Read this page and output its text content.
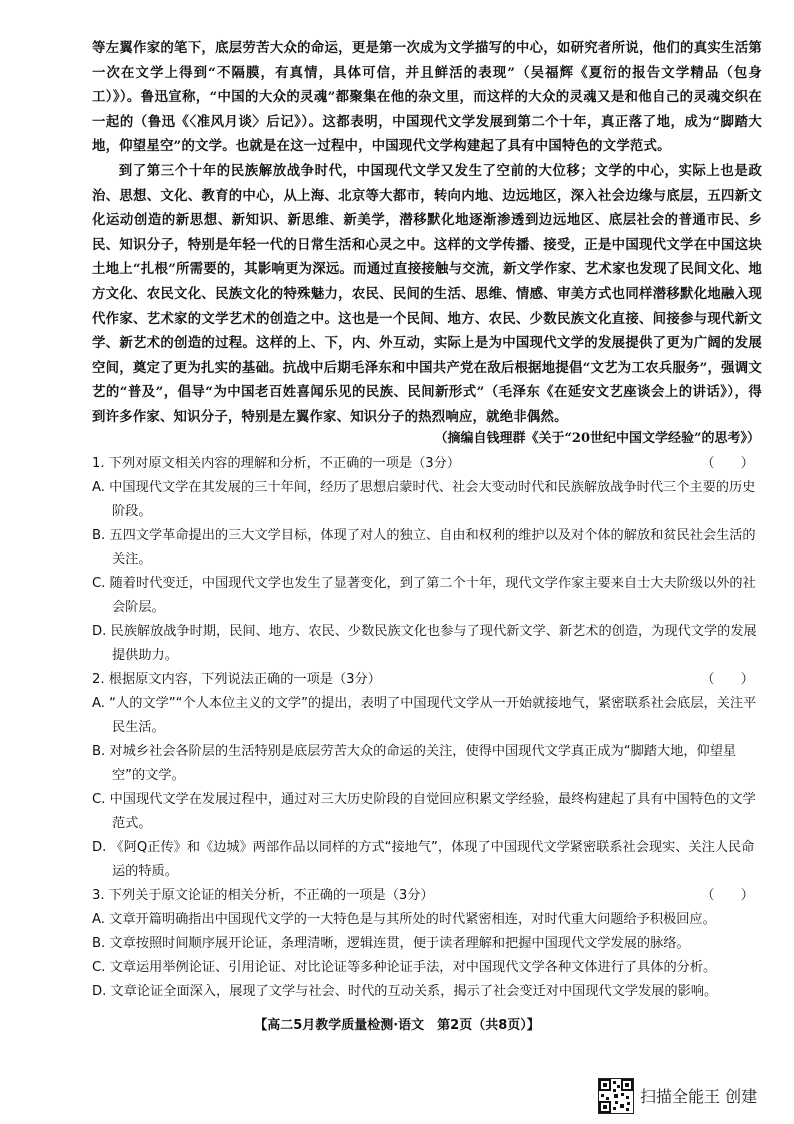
等左翼作家的笔下，底层劳苦大众的命运，更是第一次成为文学描写的中心，如研究者所说，他们的真实生活第一次在文学上得到“不隔膜，有真情，具体可信，并且鲜活的表现”（吴福辉《夏衍的报告文学精品（包身工）》）。鲁迅宣称，“中国的大众的灵魂”都聚集在他的杂文里，而这样的大众的灵魂又是和他自己的灵魂交织在一起的（鲁迅《〈准风月谈〉后记》）。这都表明，中国现代文学发展到第二个十年，真正落了地，成为“脚踏大地，仰望星空”的文学。也就是在这一过程中，中国现代文学构建起了具有中国特色的文学范式。

到了第三个十年的民族解放战争时代，中国现代文学又发生了空前的大位移；文学的中心，实际上也是政治、思想、文化、教育的中心，从上海、北京等大都市，转向内地、边远地区，深入社会边缘与底层，五四新文化运动创造的新思想、新知识、新思维、新美学，潜移默化地逐渐渗透到边远地区、底层社会的普通市民、乡民、知识分子，特别是年轻一代的日常生活和心灵之中。这样的文学传播、接受，正是中国现代文学在中国这块土地上“扎根”所需要的，其影响更为深远。而通过直接接触与交流，新文学作家、艺术家也发现了民间文化、地方文化、农民文化、民族文化的特殊魅力，农民、民间的生活、思维、情感、审美方式也同样潜移默化地融入现代作家、艺术家的文学艺术的创造之中。这也是一个民间、地方、农民、少数民族文化直接、间接参与现代新文学、新艺术的创造的过程。这样的上、下，内、外互动，实际上是为中国现代文学的发展提供了更为广阔的发展空间，奠定了更为扎实的基础。抗战中后期毛泽东和中国共产党在敌后根据地提倡“文艺为工农兵服务”，强调文艺的“普及”，倡导“为中国老百姓喜闻乐见的民族、民间新形式”（毛泽东《在延安文艺座谈会上的讲话》），得到许多作家、知识分子，特别是左翼作家、知识分子的热烈响应，就绝非偶然。

（摘编自钱理群《关于“20世纪中国文学经验”的思考》）
1. 下列对原文相关内容的理解和分析，不正确的一项是（3分）	（　　）
A. 中国现代文学在其发展的三十年间，经历了思想启蒙时代、社会大变动时代和民族解放战争时代三个主要的历史阶段。
B. 五四文学革命提出的三大文学目标，体现了对人的独立、自由和权利的维护以及对个体的解放和贫民社会生活的关注。
C. 随着时代变迁，中国现代文学也发生了显著变化，到了第二个十年，现代文学作家主要来自士大夫阶级以外的社会阶层。
D. 民族解放战争时期，民间、地方、农民、少数民族文化也参与了现代新文学、新艺术的创造，为现代文学的发展提供助力。
2. 根据原文内容，下列说法正确的一项是（3分）	（　　）
A. “人的文学”“个人本位主义的文学”的提出，表明了中国现代文学从一开始就接地气，紧密联系社会底层，关注平民生活。
B. 对城乡社会各阶层的生活特别是底层劳苦大众的命运的关注，使得中国现代文学真正成为“脚踏大地，仰望星空”的文学。
C. 中国现代文学在发展过程中，通过对三大历史阶段的自觉回应积累文学经验，最终构建起了具有中国特色的文学范式。
D. 《阿Q正传》和《边城》两部作品以同样的方式“接地气”，体现了中国现代文学紧密联系社会现实、关注人民命运的特质。
3. 下列关于原文论证的相关分析，不正确的一项是（3分）	（　　）
A. 文章开篇明确指出中国现代文学的一大特色是与其所处的时代紧密相连，对时代重大问题给予积极回应。
B. 文章按照时间顺序展开论证，条理清晰，逻辑连贯，便于读者理解和把握中国现代文学发展的脉络。
C. 文章运用举例论证、引用论证、对比论证等多种论证手法，对中国现代文学各种文体进行了具体的分析。
D. 文章论证全面深入，展现了文学与社会、时代的互动关系，揭示了社会变迁对中国现代文学发展的影响。
【高二5月教学质量检测·语文　第2页（共8页）】
扫描全能王 创建
